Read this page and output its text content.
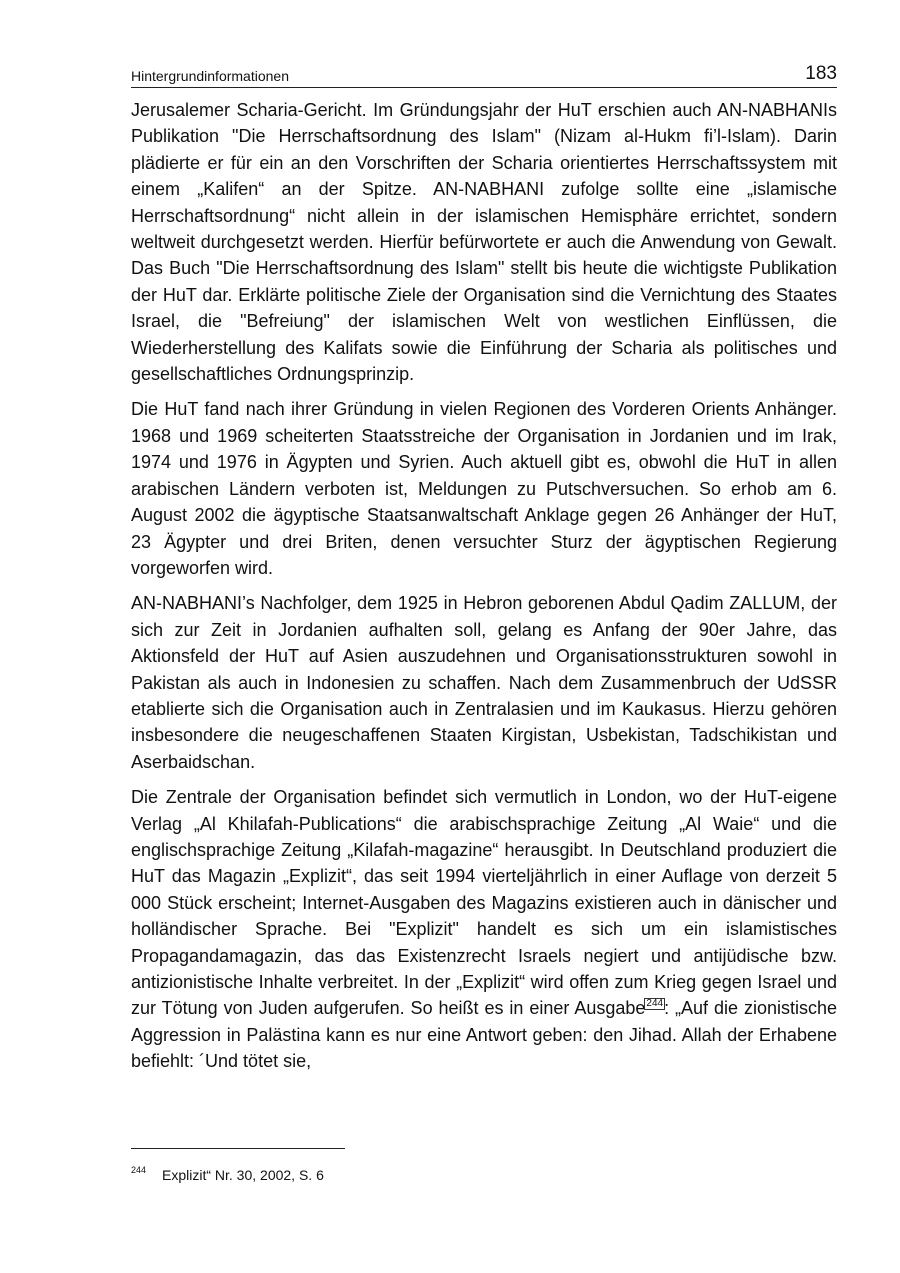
Hintergrundinformationen	183

Jerusalemer Scharia-Gericht. Im Gründungsjahr der HuT erschien auch AN-NABHANIs Publikation "Die Herrschaftsordnung des Islam" (Nizam al-Hukm fi’l-Islam). Darin plädierte er für ein an den Vorschriften der Scharia orientiertes Herrschaftssystem mit einem „Kalifen“ an der Spitze. AN-NABHANI zufolge sollte eine „islamische Herrschaftsordnung“ nicht allein in der islamischen Hemisphäre errichtet, sondern weltweit durchgesetzt werden. Hierfür befürwortete er auch die Anwendung von Gewalt. Das Buch "Die Herrschaftsordnung des Islam" stellt bis heute die wichtigste Publikation der HuT dar. Erklärte politische Ziele der Organisation sind die Vernichtung des Staates Israel, die "Befreiung" der islamischen Welt von westlichen Einflüssen, die Wiederherstellung des Kalifats sowie die Einführung der Scharia als politisches und gesellschaftliches Ordnungsprinzip.

Die HuT fand nach ihrer Gründung in vielen Regionen des Vorderen Orients Anhänger. 1968 und 1969 scheiterten Staatsstreiche der Organisation in Jordanien und im Irak, 1974 und 1976 in Ägypten und Syrien. Auch aktuell gibt es, obwohl die HuT in allen arabischen Ländern verboten ist, Meldungen zu Putschversuchen. So erhob am 6. August 2002 die ägyptische Staatsanwaltschaft Anklage gegen 26 Anhänger der HuT, 23 Ägypter und drei Briten, denen versuchter Sturz der ägyptischen Regierung vorgeworfen wird.

AN-NABHANI’s Nachfolger, dem 1925 in Hebron geborenen Abdul Qadim ZALLUM, der sich zur Zeit in Jordanien aufhalten soll, gelang es Anfang der 90er Jahre, das Aktionsfeld der HuT auf Asien auszudehnen und Organisationsstrukturen sowohl in Pakistan als auch in Indonesien zu schaffen. Nach dem Zusammenbruch der UdSSR etablierte sich die Organisation auch in Zentralasien und im Kaukasus. Hierzu gehören insbesondere die neugeschaffenen Staaten Kirgistan, Usbekistan, Tadschikistan und Aserbaidschan.

Die Zentrale der Organisation befindet sich vermutlich in London, wo der HuT-eigene Verlag „Al Khilafah-Publications“ die arabischsprachige Zeitung „Al Waie“ und die englischsprachige Zeitung „Kilafah-magazine“ herausgibt. In Deutschland produziert die HuT das Magazin „Explizit“, das seit 1994 vierteljährlich in einer Auflage von derzeit 5 000 Stück erscheint; Internet-Ausgaben des Magazins existieren auch in dänischer und holländischer Sprache. Bei "Explizit" handelt es sich um ein islamistisches Propagandamagazin, das das Existenzrecht Israels negiert und antijüdische bzw. antizionistische Inhalte verbreitet. In der „Explizit“ wird offen zum Krieg gegen Israel und zur Tötung von Juden aufgerufen. So heißt es in einer Ausgabe244: „Auf die zionistische Aggression in Palästina kann es nur eine Antwort geben: den Jihad. Allah der Erhabene befiehlt: ´Und tötet sie,

244 Explizit“ Nr. 30, 2002, S. 6
